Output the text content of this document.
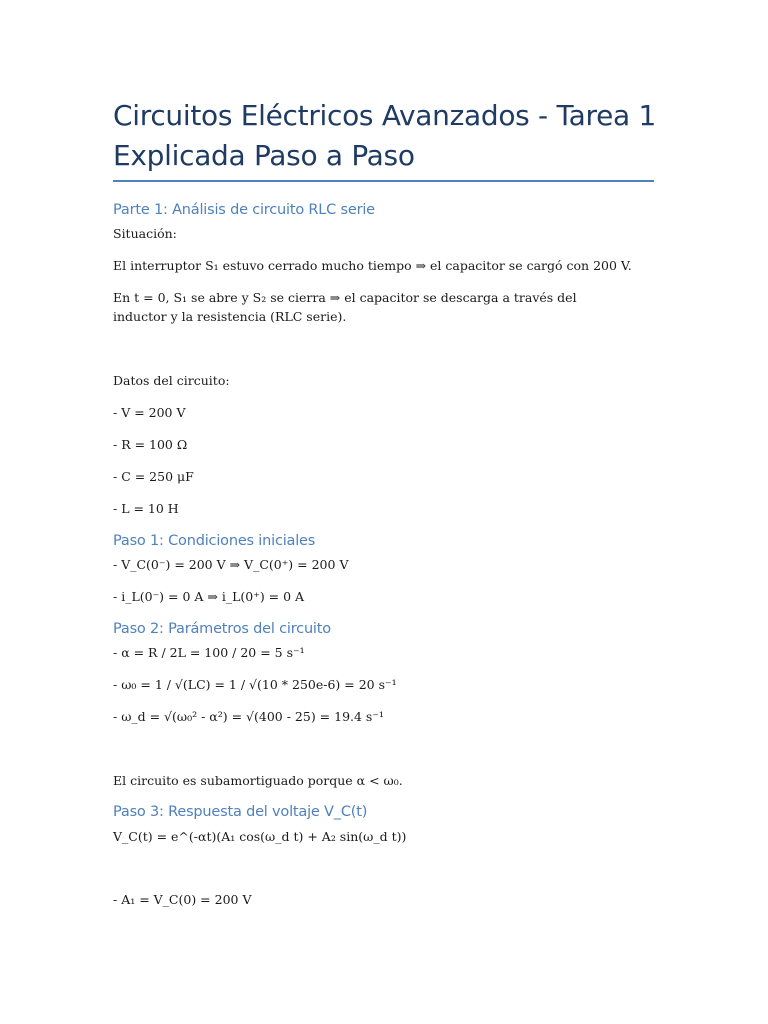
Circuitos Eléctricos Avanzados - Tarea 1
Explicada Paso a Paso
Parte 1: Análisis de circuito RLC serie
Situación:
El interruptor S₁ estuvo cerrado mucho tiempo ⇒ el capacitor se cargó con 200 V.
En t = 0, S₁ se abre y S₂ se cierra ⇒ el capacitor se descarga a través del inductor y la resistencia (RLC serie).
Datos del circuito:
- V = 200 V
- R = 100 Ω
- C = 250 μF
- L = 10 H
Paso 1: Condiciones iniciales
- V_C(0⁻) = 200 V ⇒ V_C(0⁺) = 200 V
- i_L(0⁻) = 0 A ⇒ i_L(0⁺) = 0 A
Paso 2: Parámetros del circuito
- α = R / 2L = 100 / 20 = 5 s⁻¹
- ω₀ = 1 / √(LC) = 1 / √(10 * 250e-6) = 20 s⁻¹
- ω_d = √(ω₀² - α²) = √(400 - 25) = 19.4 s⁻¹
El circuito es subamortiguado porque α < ω₀.
Paso 3: Respuesta del voltaje V_C(t)
V_C(t) = e^(-αt)(A₁ cos(ω_d t) + A₂ sin(ω_d t))
- A₁ = V_C(0) = 200 V
